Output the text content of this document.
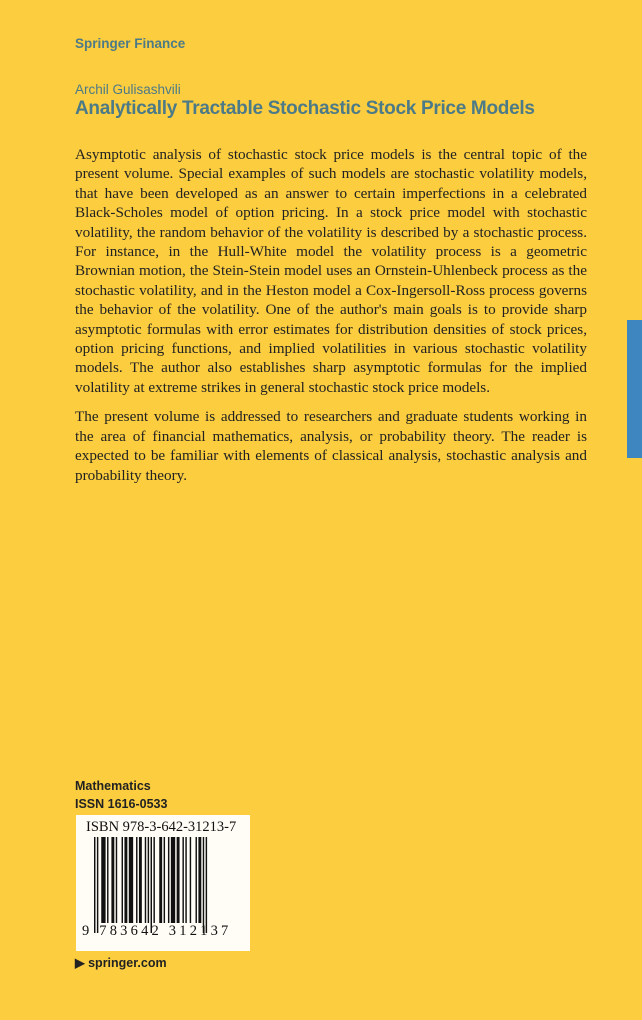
Springer Finance
Archil Gulisashvili
Analytically Tractable Stochastic Stock Price Models

Asymptotic analysis of stochastic stock price models is the central topic of the present volume. Special examples of such models are stochastic volatility models, that have been developed as an answer to certain imperfections in a celebrated Black-Scholes model of option pricing. In a stock price model with stochastic volatility, the random behavior of the volatility is described by a stochastic process. For instance, in the Hull-White model the volatility process is a geometric Brownian motion, the Stein-Stein model uses an Ornstein-Uhlenbeck process as the stochastic volatility, and in the Heston model a Cox-Ingersoll-Ross process governs the behavior of the volatility. One of the author's main goals is to provide sharp asymptotic formulas with error estimates for distribution densities of stock prices, option pricing functions, and implied volatilities in various stochastic volatility models. The author also establishes sharp asymptotic formulas for the implied volatility at extreme strikes in general stochastic stock price models.

The present volume is addressed to researchers and graduate students working in the area of financial mathematics, analysis, or probability theory. The reader is expected to be familiar with elements of classical analysis, stochastic analysis and probability theory.

Mathematics
ISSN 1616-0533
ISBN 978-3-642-31213-7
9 783642 312137
▶ springer.com
